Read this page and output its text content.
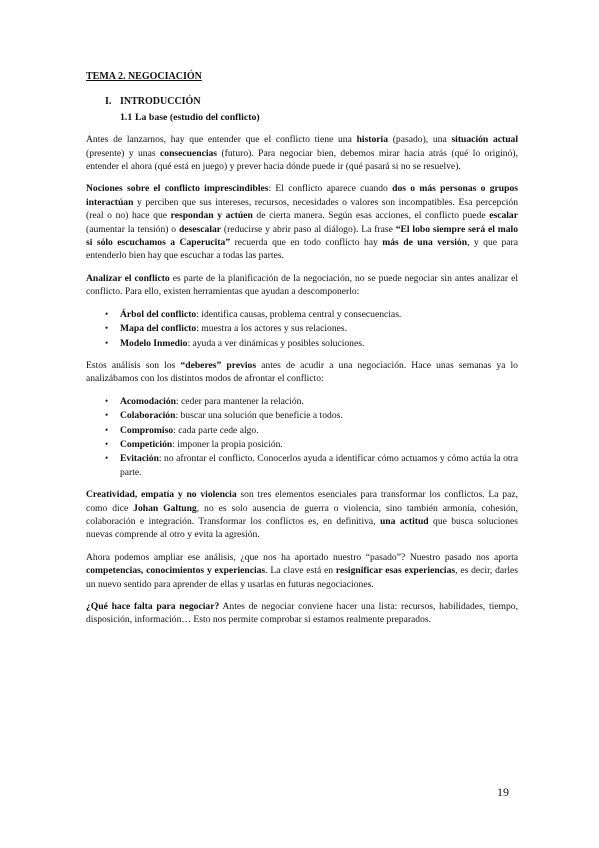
TEMA 2. NEGOCIACIÓN
I. INTRODUCCIÓN
1.1 La base (estudio del conflicto)

Antes de lanzarnos, hay que entender que el conflicto tiene una historia (pasado), una situación actual (presente) y unas consecuencias (futuro). Para negociar bien, debemos mirar hacia atrás (qué lo originó), entender el ahora (qué está en juego) y prever hacia dónde puede ir (qué pasará si no se resuelve).

Nociones sobre el conflicto imprescindibles: El conflicto aparece cuando dos o más personas o grupos interactúan y perciben que sus intereses, recursos, necesidades o valores son incompatibles. Esa percepción (real o no) hace que respondan y actúen de cierta manera. Según esas acciones, el conflicto puede escalar (aumentar la tensión) o desescalar (reducirse y abrir paso al diálogo). La frase “El lobo siempre será el malo si sólo escuchamos a Caperucita” recuerda que en todo conflicto hay más de una versión, y que para entenderlo bien hay que escuchar a todas las partes.

Analizar el conflicto es parte de la planificación de la negociación, no se puede negociar sin antes analizar el conflicto. Para ello, existen herramientas que ayudan a descomponerlo:

• Árbol del conflicto: identifica causas, problema central y consecuencias.
• Mapa del conflicto: muestra a los actores y sus relaciones.
• Modelo Inmedio: ayuda a ver dinámicas y posibles soluciones.

Estos análisis son los “deberes” previos antes de acudir a una negociación. Hace unas semanas ya lo analizábamos con los distintos modos de afrontar el conflicto:

• Acomodación: ceder para mantener la relación.
• Colaboración: buscar una solución que beneficie a todos.
• Compromiso: cada parte cede algo.
• Competición: imponer la propia posición.
• Evitación: no afrontar el conflicto. Conocerlos ayuda a identificar cómo actuamos y cómo actúa la otra parte.

Creatividad, empatía y no violencia son tres elementos esenciales para transformar los conflictos. La paz, como dice Johan Galtung, no es solo ausencia de guerra o violencia, sino también armonía, cohesión, colaboración e integración. Transformar los conflictos es, en definitiva, una actitud que busca soluciones nuevas comprende al otro y evita la agresión.

Ahora podemos ampliar ese análisis, ¿que nos ha aportado nuestro “pasado”? Nuestro pasado nos aporta competencias, conocimientos y experiencias. La clave está en resignificar esas experiencias, es decir, darles un nuevo sentido para aprender de ellas y usarlas en futuras negociaciones.

¿Qué hace falta para negociar? Antes de negociar conviene hacer una lista: recursos, habilidades, tiempo, disposición, información… Esto nos permite comprobar si estamos realmente preparados.

19
